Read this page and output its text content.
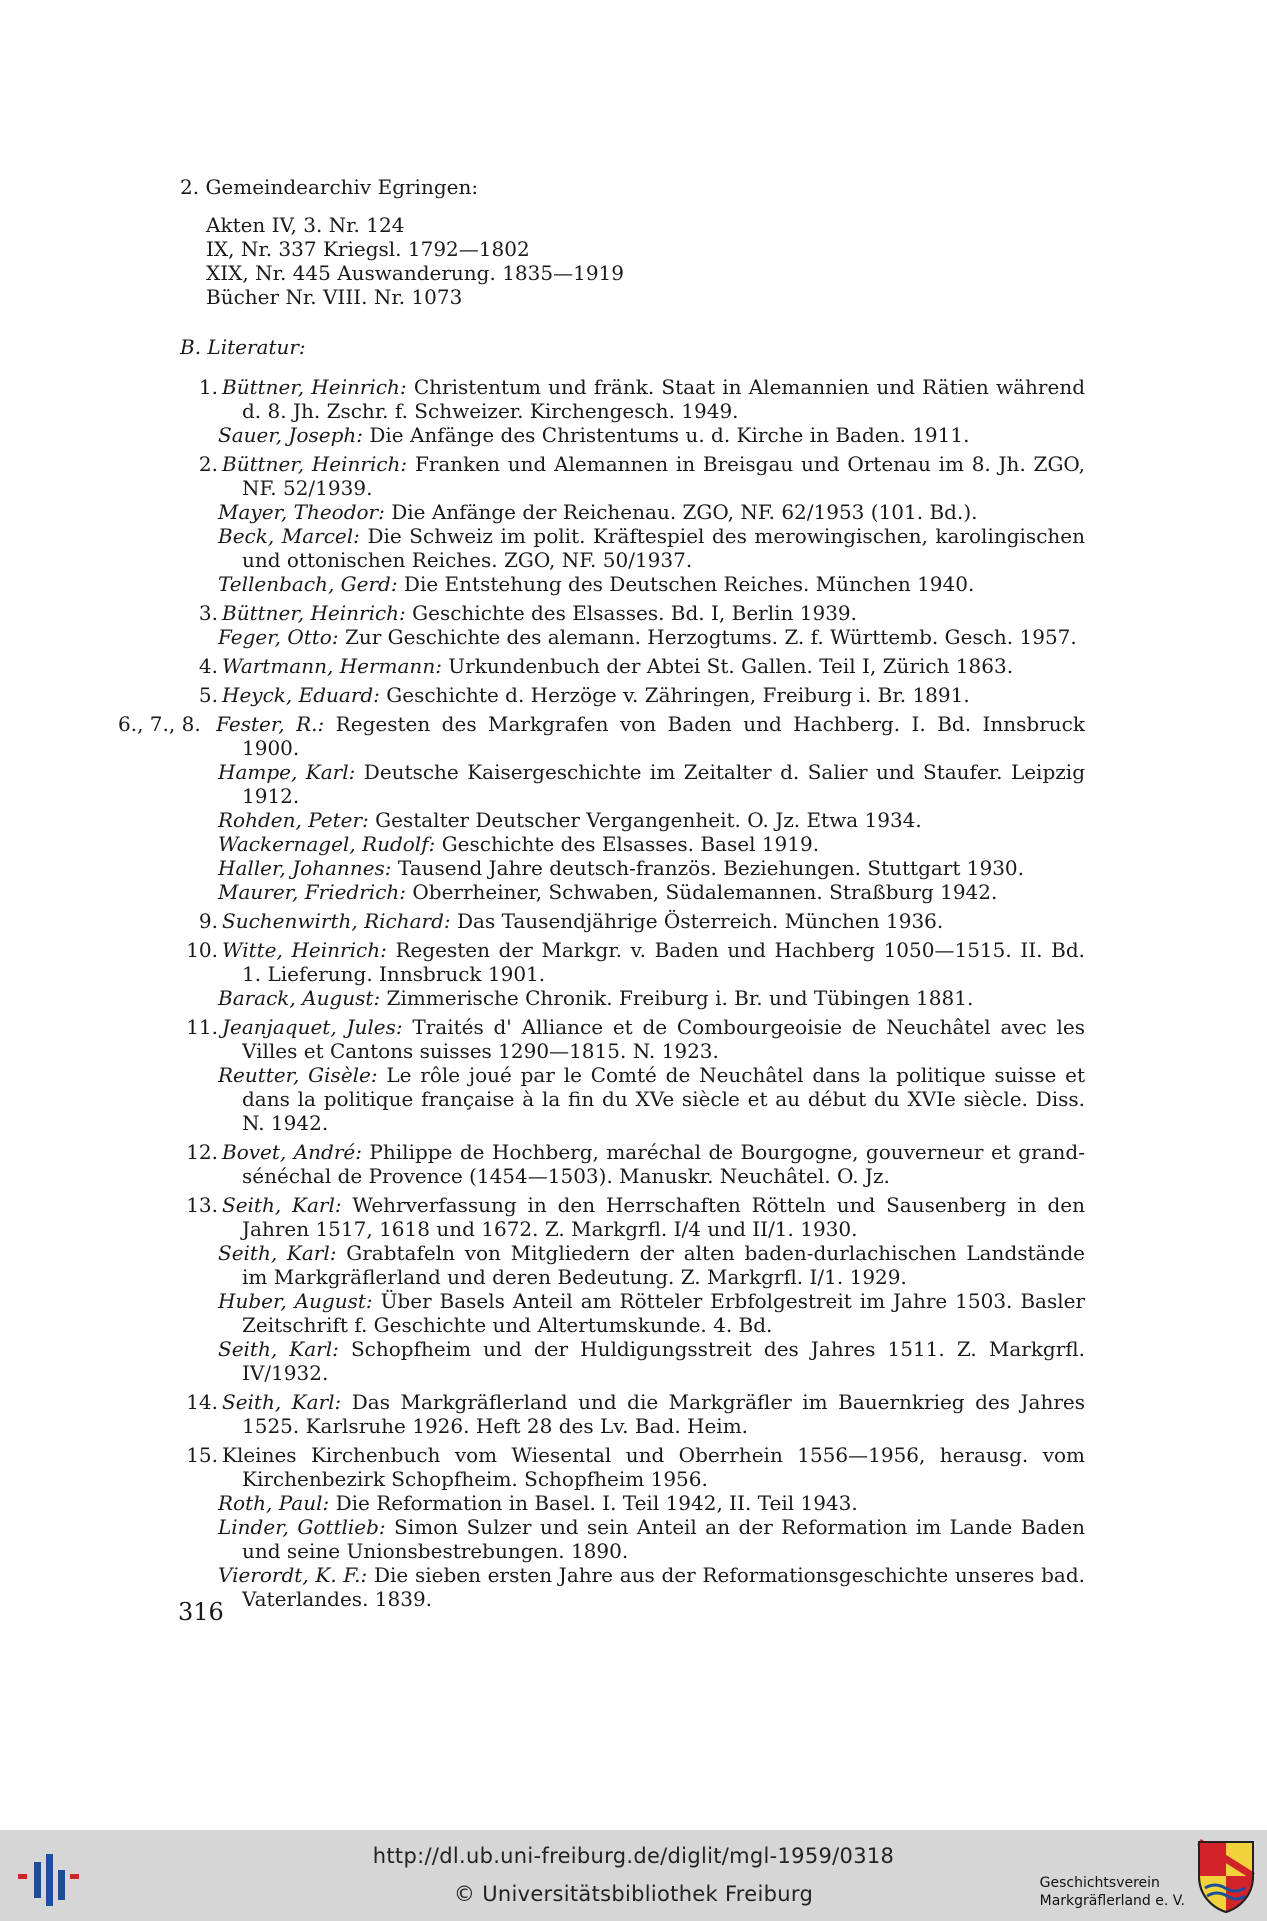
2. Gemeindearchiv Egringen:
Akten IV, 3. Nr. 124
IX, Nr. 337 Kriegsl. 1792—1802
XIX, Nr. 445 Auswanderung. 1835—1919
Bücher Nr. VIII. Nr. 1073
B. Literatur:

1. Büttner, Heinrich: Christentum und fränk. Staat in Alemannien und Rätien während d. 8. Jh. Zschr. f. Schweizer. Kirchengesch. 1949.

Sauer, Joseph: Die Anfänge des Christentums u. d. Kirche in Baden. 1911.

2. Büttner, Heinrich: Franken und Alemannen in Breisgau und Ortenau im 8. Jh. ZGO, NF. 52/1939.

Mayer, Theodor: Die Anfänge der Reichenau. ZGO, NF. 62/1953 (101. Bd.).

Beck, Marcel: Die Schweiz im polit. Kräftespiel des merowingischen, karolingischen und ottonischen Reiches. ZGO, NF. 50/1937.

Tellenbach, Gerd: Die Entstehung des Deutschen Reiches. München 1940.

3. Büttner, Heinrich: Geschichte des Elsasses. Bd. I, Berlin 1939.

Feger, Otto: Zur Geschichte des alemann. Herzogtums. Z. f. Württemb. Gesch. 1957.

4. Wartmann, Hermann: Urkundenbuch der Abtei St. Gallen. Teil I, Zürich 1863.

5. Heyck, Eduard: Geschichte d. Herzöge v. Zähringen, Freiburg i. Br. 1891.

6., 7., 8. Fester, R.: Regesten des Markgrafen von Baden und Hachberg. I. Bd. Innsbruck 1900.

Hampe, Karl: Deutsche Kaisergeschichte im Zeitalter d. Salier und Staufer. Leipzig 1912.

Rohden, Peter: Gestalter Deutscher Vergangenheit. O. Jz. Etwa 1934.

Wackernagel, Rudolf: Geschichte des Elsasses. Basel 1919.

Haller, Johannes: Tausend Jahre deutsch-französ. Beziehungen. Stuttgart 1930.

Maurer, Friedrich: Oberrheiner, Schwaben, Südalemannen. Straßburg 1942.

9. Suchenwirth, Richard: Das Tausendjährige Österreich. München 1936.

10. Witte, Heinrich: Regesten der Markgr. v. Baden und Hachberg 1050—1515. II. Bd. 1. Lieferung. Innsbruck 1901.

Barack, August: Zimmerische Chronik. Freiburg i. Br. und Tübingen 1881.

11. Jeanjaquet, Jules: Traités d' Alliance et de Combourgeoisie de Neuchâtel avec les Villes et Cantons suisses 1290—1815. N. 1923.

Reutter, Gisèle: Le rôle joué par le Comté de Neuchâtel dans la politique suisse et dans la politique française à la fin du XVe siècle et au début du XVIe siècle. Diss. N. 1942.

12. Bovet, André: Philippe de Hochberg, maréchal de Bourgogne, gouverneur et grand-sénéchal de Provence (1454—1503). Manuskr. Neuchâtel. O. Jz.

13. Seith, Karl: Wehrverfassung in den Herrschaften Rötteln und Sausenberg in den Jahren 1517, 1618 und 1672. Z. Markgrfl. I/4 und II/1. 1930.

Seith, Karl: Grabtafeln von Mitgliedern der alten baden-durlachischen Landstände im Markgräflerland und deren Bedeutung. Z. Markgrfl. I/1. 1929.

Huber, August: Über Basels Anteil am Rötteler Erbfolgestreit im Jahre 1503. Basler Zeitschrift f. Geschichte und Altertumskunde. 4. Bd.

Seith, Karl: Schopfheim und der Huldigungsstreit des Jahres 1511. Z. Markgrfl. IV/1932.

14. Seith, Karl: Das Markgräflerland und die Markgräfler im Bauernkrieg des Jahres 1525. Karlsruhe 1926. Heft 28 des Lv. Bad. Heim.

15. Kleines Kirchenbuch vom Wiesental und Oberrhein 1556—1956, herausg. vom Kirchenbezirk Schopfheim. Schopfheim 1956.

Roth, Paul: Die Reformation in Basel. I. Teil 1942, II. Teil 1943.

Linder, Gottlieb: Simon Sulzer und sein Anteil an der Reformation im Lande Baden und seine Unionsbestrebungen. 1890.

Vierordt, K. F.: Die sieben ersten Jahre aus der Reformationsgeschichte unseres bad. Vaterlandes. 1839.

316
http://dl.ub.uni-freiburg.de/diglit/mgl-1959/0318
© Universitätsbibliothek Freiburg	Geschichtsverein
Markgräflerland e. V.
